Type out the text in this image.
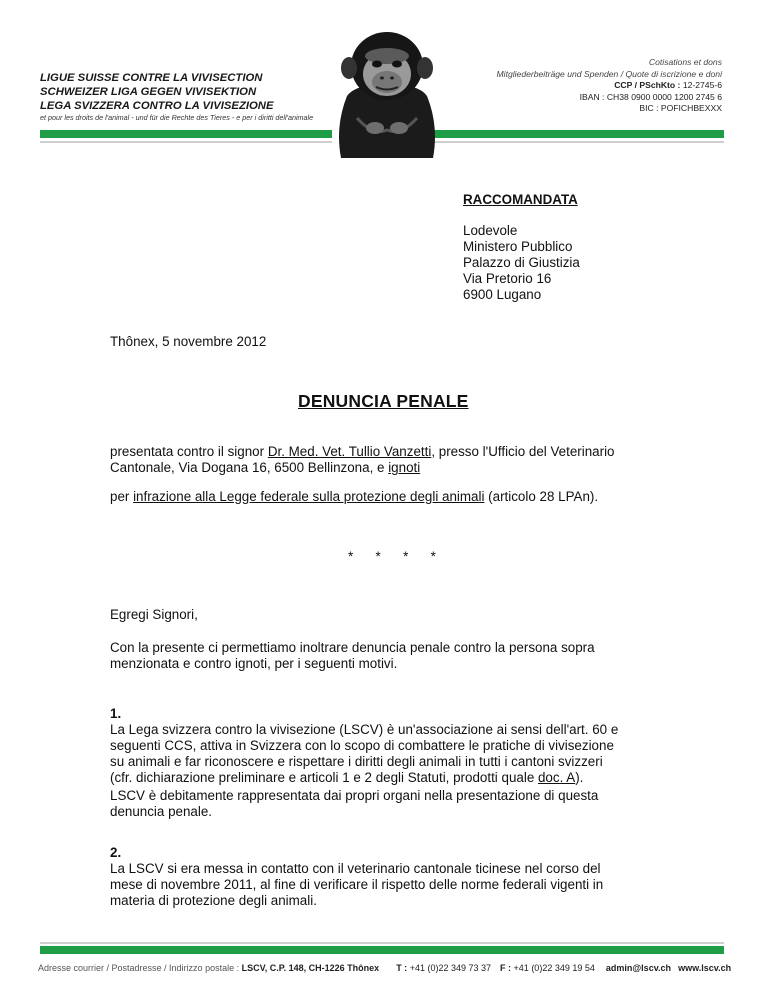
LIGUE SUISSE CONTRE LA VIVISECTION
SCHWEIZER LIGA GEGEN VIVISEKTION
LEGA SVIZZERA CONTRO LA VIVISEZIONE
et pour les droits de l'animal - und für die Rechte des Tieres - e per i diritti dell'animale
Cotisations et dons
Mitgliederbeiträge und Spenden / Quote di iscrizione e doni
CCP / PSchKto : 12-2745-6
IBAN : CH38 0900 0000 1200 2745 6
BIC : POFICHBEXXX
RACCOMANDATA
Lodevole
Ministero Pubblico
Palazzo di Giustizia
Via Pretorio 16
6900 Lugano
Thônex, 5 novembre 2012
DENUNCIA PENALE
presentata contro il signor Dr. Med. Vet. Tullio Vanzetti, presso l'Ufficio del Veterinario
Cantonale, Via Dogana 16, 6500 Bellinzona, e ignoti
per infrazione alla Legge federale sulla protezione degli animali (articolo 28 LPAn).
*      *      *      *
Egregi Signori,
Con la presente ci permettiamo inoltrare denuncia penale contro la persona sopra
menzionata e contro ignoti, per i seguenti motivi.
1.
La Lega svizzera contro la vivisezione (LSCV) è un'associazione ai sensi dell'art. 60 e
seguenti CCS, attiva in Svizzera con lo scopo di combattere le pratiche di vivisezione
su animali e far riconoscere e rispettare i diritti degli animali in tutti i cantoni svizzeri
(cfr. dichiarazione preliminare e articoli 1 e 2 degli Statuti, prodotti quale doc. A).
LSCV è debitamente rappresentata dai propri organi nella presentazione di questa
denuncia penale.
2.
La LSCV si era messa in contatto con il veterinario cantonale ticinese nel corso del
mese di novembre 2011, al fine di verificare il rispetto delle norme federali vigenti in
materia di protezione degli animali.
Adresse courrier / Postadresse / Indirizzo postale : LSCV, C.P. 148, CH-1226 Thônex T : +41 (0)22 349 73 37 F : +41 (0)22 349 19 54 admin@lscv.ch www.lscv.ch
